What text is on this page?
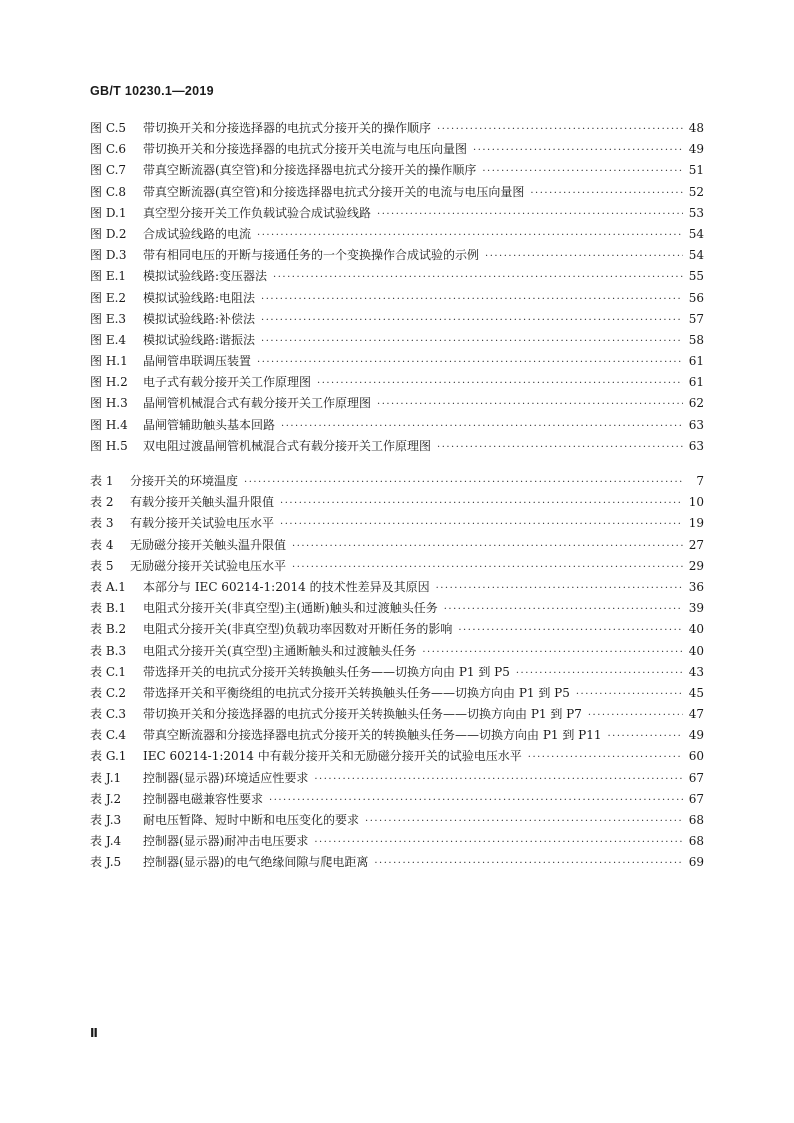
GB/T 10230.1—2019
图 C.5	带切换开关和分接选择器的电抗式分接开关的操作顺序 ·····	48
图 C.6	带切换开关和分接选择器的电抗式分接开关电流与电压向量图 ·····	49
图 C.7	带真空断流器(真空管)和分接选择器电抗式分接开关的操作顺序 ·····	51
图 C.8	带真空断流器(真空管)和分接选择器电抗式分接开关的电流与电压向量图 ·····	52
图 D.1	真空型分接开关工作负载试验合成试验线路 ·····	53
图 D.2	合成试验线路的电流 ·····	54
图 D.3	带有相同电压的开断与接通任务的一个变换操作合成试验的示例 ·····	54
图 E.1	模拟试验线路:变压器法 ·····	55
图 E.2	模拟试验线路:电阻法 ·····	56
图 E.3	模拟试验线路:补偿法 ·····	57
图 E.4	模拟试验线路:谐振法 ·····	58
图 H.1	晶闸管串联调压装置 ·····	61
图 H.2	电子式有载分接开关工作原理图 ·····	61
图 H.3	晶闸管机械混合式有载分接开关工作原理图 ·····	62
图 H.4	晶闸管辅助触头基本回路 ·····	63
图 H.5	双电阻过渡晶闸管机械混合式有载分接开关工作原理图 ·····	63
表 1	分接开关的环境温度 ·····	7
表 2	有载分接开关触头温升限值 ·····	10
表 3	有载分接开关试验电压水平 ·····	19
表 4	无励磁分接开关触头温升限值 ·····	27
表 5	无励磁分接开关试验电压水平 ·····	29
表 A.1	本部分与 IEC 60214-1:2014 的技术性差异及其原因 ·····	36
表 B.1	电阻式分接开关(非真空型)主(通断)触头和过渡触头任务 ·····	39
表 B.2	电阻式分接开关(非真空型)负载功率因数对开断任务的影响 ·····	40
表 B.3	电阻式分接开关(真空型)主通断触头和过渡触头任务 ·····	40
表 C.1	带选择开关的电抗式分接开关转换触头任务——切换方向由 P1 到 P5 ·····	43
表 C.2	带选择开关和平衡绕组的电抗式分接开关转换触头任务——切换方向由 P1 到 P5 ·····	45
表 C.3	带切换开关和分接选择器的电抗式分接开关转换触头任务——切换方向由 P1 到 P7 ·····	47
表 C.4	带真空断流器和分接选择器电抗式分接开关的转换触头任务——切换方向由 P1 到 P11 ·····	49
表 G.1	IEC 60214-1:2014 中有载分接开关和无励磁分接开关的试验电压水平 ·····	60
表 J.1	控制器(显示器)环境适应性要求 ·····	67
表 J.2	控制器电磁兼容性要求 ·····	67
表 J.3	耐电压暂降、短时中断和电压变化的要求 ·····	68
表 J.4	控制器(显示器)耐冲击电压要求 ·····	68
表 J.5	控制器(显示器)的电气绝缘间隙与爬电距离 ·····	69
Ⅱ
